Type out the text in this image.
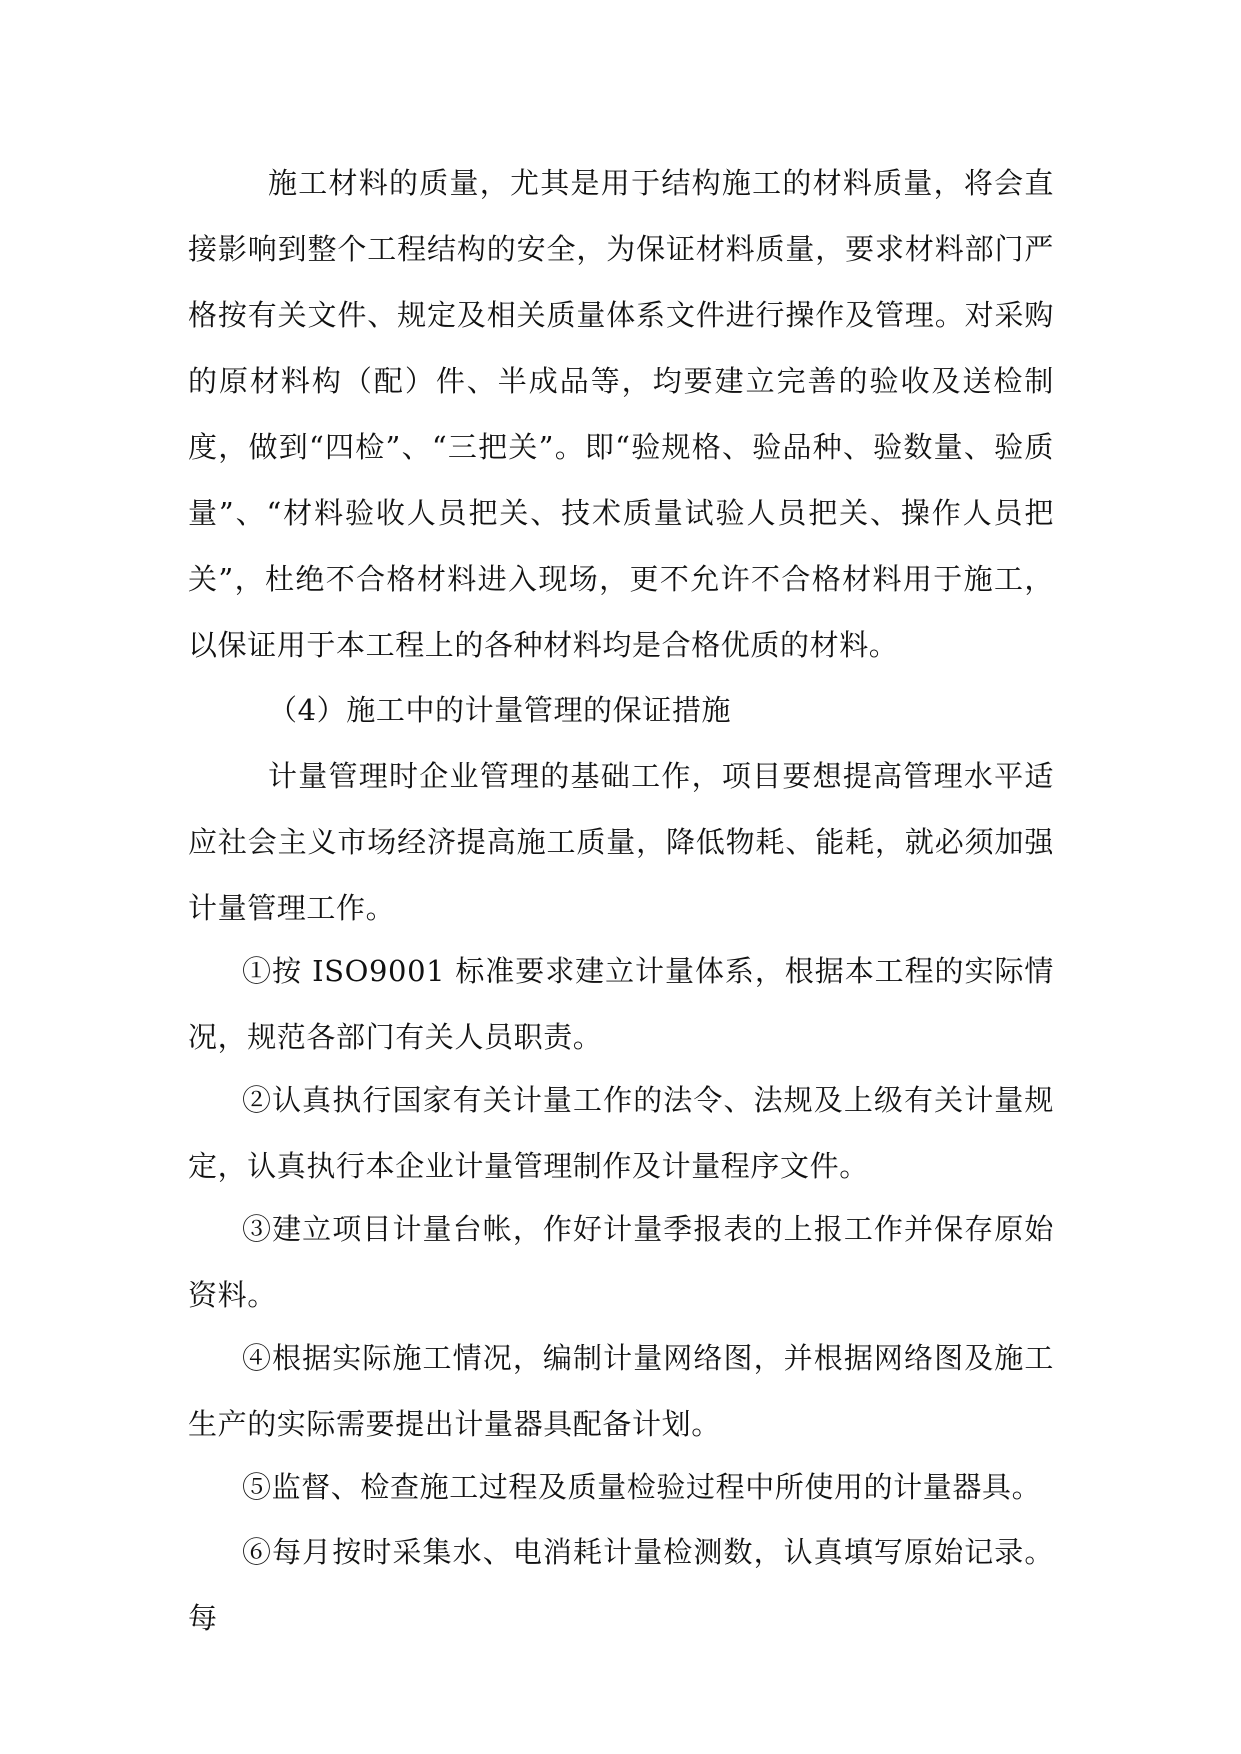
施工材料的质量，尤其是用于结构施工的材料质量，将会直接影响到整个工程结构的安全，为保证材料质量，要求材料部门严格按有关文件、规定及相关质量体系文件进行操作及管理。对采购的原材料构（配）件、半成品等，均要建立完善的验收及送检制度，做到“四检”、“三把关”。即“验规格、验品种、验数量、验质量”、“材料验收人员把关、技术质量试验人员把关、操作人员把关”，杜绝不合格材料进入现场，更不允许不合格材料用于施工，以保证用于本工程上的各种材料均是合格优质的材料。

（4）施工中的计量管理的保证措施

计量管理时企业管理的基础工作，项目要想提高管理水平适应社会主义市场经济提高施工质量，降低物耗、能耗，就必须加强计量管理工作。

①按 ISO9001 标准要求建立计量体系，根据本工程的实际情况，规范各部门有关人员职责。

②认真执行国家有关计量工作的法令、法规及上级有关计量规定，认真执行本企业计量管理制作及计量程序文件。

③建立项目计量台帐，作好计量季报表的上报工作并保存原始资料。

④根据实际施工情况，编制计量网络图，并根据网络图及施工生产的实际需要提出计量器具配备计划。

⑤监督、检查施工过程及质量检验过程中所使用的计量器具。

⑥每月按时采集水、电消耗计量检测数，认真填写原始记录。每
